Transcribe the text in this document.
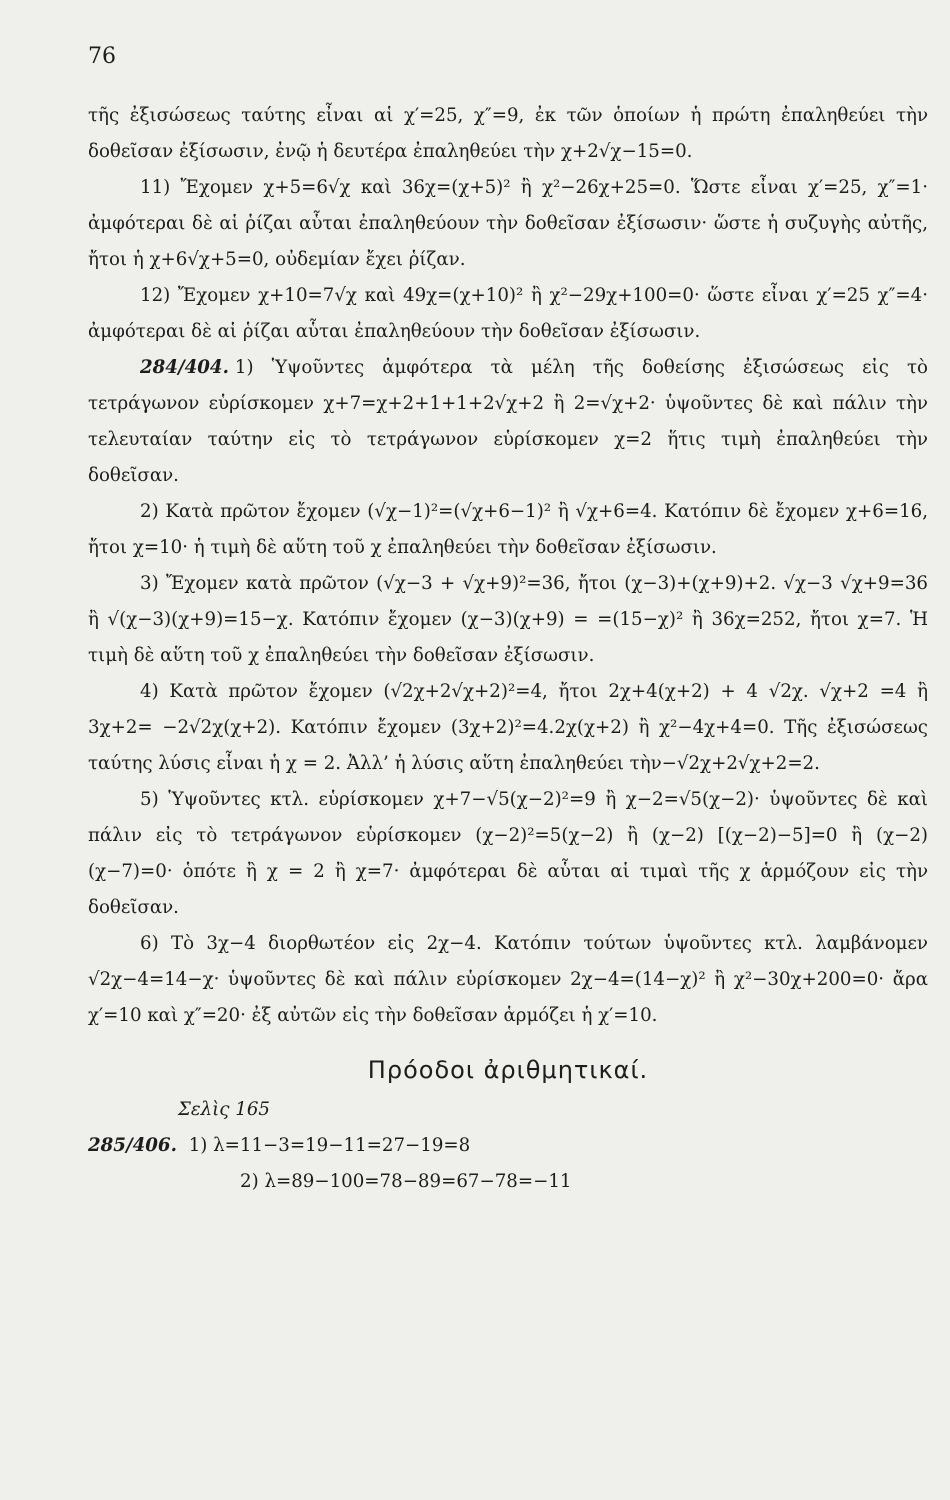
76

τῆς ἐξισώσεως ταύτης εἶναι αἱ χ′=25, χ″=9, ἐκ τῶν ὁποίων ἡ πρώτη ἐπαληθεύει τὴν δοθεῖσαν ἐξίσωσιν, ἐνῷ ἡ δευτέρα ἐπαληθεύει τὴν χ+2√χ−15=0.

11) Ἔχομεν χ+5=6√χ καὶ 36χ=(χ+5)² ἢ χ²−26χ+25=0. Ὥστε εἶναι χ′=25, χ″=1· ἀμφότεραι δὲ αἱ ῥίζαι αὗται ἐπαληθεύουν τὴν δοθεῖσαν ἐξίσωσιν· ὥστε ἡ συζυγὴς αὐτῆς, ἤτοι ἡ χ+6√χ+5=0, οὐδεμίαν ἔχει ῥίζαν.

12) Ἔχομεν χ+10=7√χ καὶ 49χ=(χ+10)² ἢ χ²−29χ+100=0· ὥστε εἶναι χ′=25 χ″=4· ἀμφότεραι δὲ αἱ ῥίζαι αὗται ἐπαληθεύουν τὴν δοθεῖσαν ἐξίσωσιν.

284/404. 1) Ὑψοῦντες ἀμφότερα τὰ μέλη τῆς δοθείσης ἐξισώσεως εἰς τὸ τετράγωνον εὑρίσκομεν χ+7=χ+2+1+1+2√χ+2 ἢ 2=√χ+2· ὑψοῦντες δὲ καὶ πάλιν τὴν τελευταίαν ταύτην εἰς τὸ τετράγωνον εὑρίσκομεν χ=2 ἥτις τιμὴ ἐπαληθεύει τὴν δοθεῖσαν.

2) Κατὰ πρῶτον ἔχομεν (√χ−1)²=(√χ+6−1)² ἢ √χ+6=4. Κατόπιν δὲ ἔχομεν χ+6=16, ἤτοι χ=10· ἡ τιμὴ δὲ αὕτη τοῦ χ ἐπαληθεύει τὴν δοθεῖσαν ἐξίσωσιν.

3) Ἔχομεν κατὰ πρῶτον (√χ−3 + √χ+9)²=36, ἤτοι (χ−3)+(χ+9)+2. √χ−3 √χ+9=36 ἢ √(χ−3)(χ+9)=15−χ. Κατόπιν ἔχομεν (χ−3)(χ+9) = =(15−χ)² ἢ 36χ=252, ἤτοι χ=7. Ἡ τιμὴ δὲ αὕτη τοῦ χ ἐπαληθεύει τὴν δοθεῖσαν ἐξίσωσιν.

4) Κατὰ πρῶτον ἔχομεν (√2χ+2√χ+2)²=4, ἤτοι 2χ+4(χ+2) + 4 √2χ. √χ+2 =4 ἢ 3χ+2= −2√2χ(χ+2). Κατόπιν ἔχομεν (3χ+2)²=4.2χ(χ+2) ἢ χ²−4χ+4=0. Τῆς ἐξισώσεως ταύτης λύσις εἶναι ἡ χ = 2. Ἀλλ’ ἡ λύσις αὕτη ἐπαληθεύει τὴν−√2χ+2√χ+2=2.

5) Ὑψοῦντες κτλ. εὑρίσκομεν χ+7−√5(χ−2)²=9 ἢ χ−2=√5(χ−2)· ὑψοῦντες δὲ καὶ πάλιν εἰς τὸ τετράγωνον εὑρίσκομεν (χ−2)²=5(χ−2) ἢ (χ−2) [(χ−2)−5]=0 ἢ (χ−2)(χ−7)=0· ὁπότε ἢ χ = 2 ἢ χ=7· ἀμφότεραι δὲ αὗται αἱ τιμαὶ τῆς χ ἁρμόζουν εἰς τὴν δοθεῖσαν.

6) Τὸ 3χ−4 διορθωτέον εἰς 2χ−4. Κατόπιν τούτων ὑψοῦντες κτλ. λαμβάνομεν √2χ−4=14−χ· ὑψοῦντες δὲ καὶ πάλιν εὑρίσκομεν 2χ−4=(14−χ)² ἢ χ²−30χ+200=0· ἄρα χ′=10 καὶ χ″=20· ἐξ αὐτῶν εἰς τὴν δοθεῖσαν ἁρμόζει ἡ χ′=10.

Πρόοδοι ἀριθμητικαί.
Σελὶς 165

285/406. 1) λ=11−3=19−11=27−19=8

2) λ=89−100=78−89=67−78=−11
